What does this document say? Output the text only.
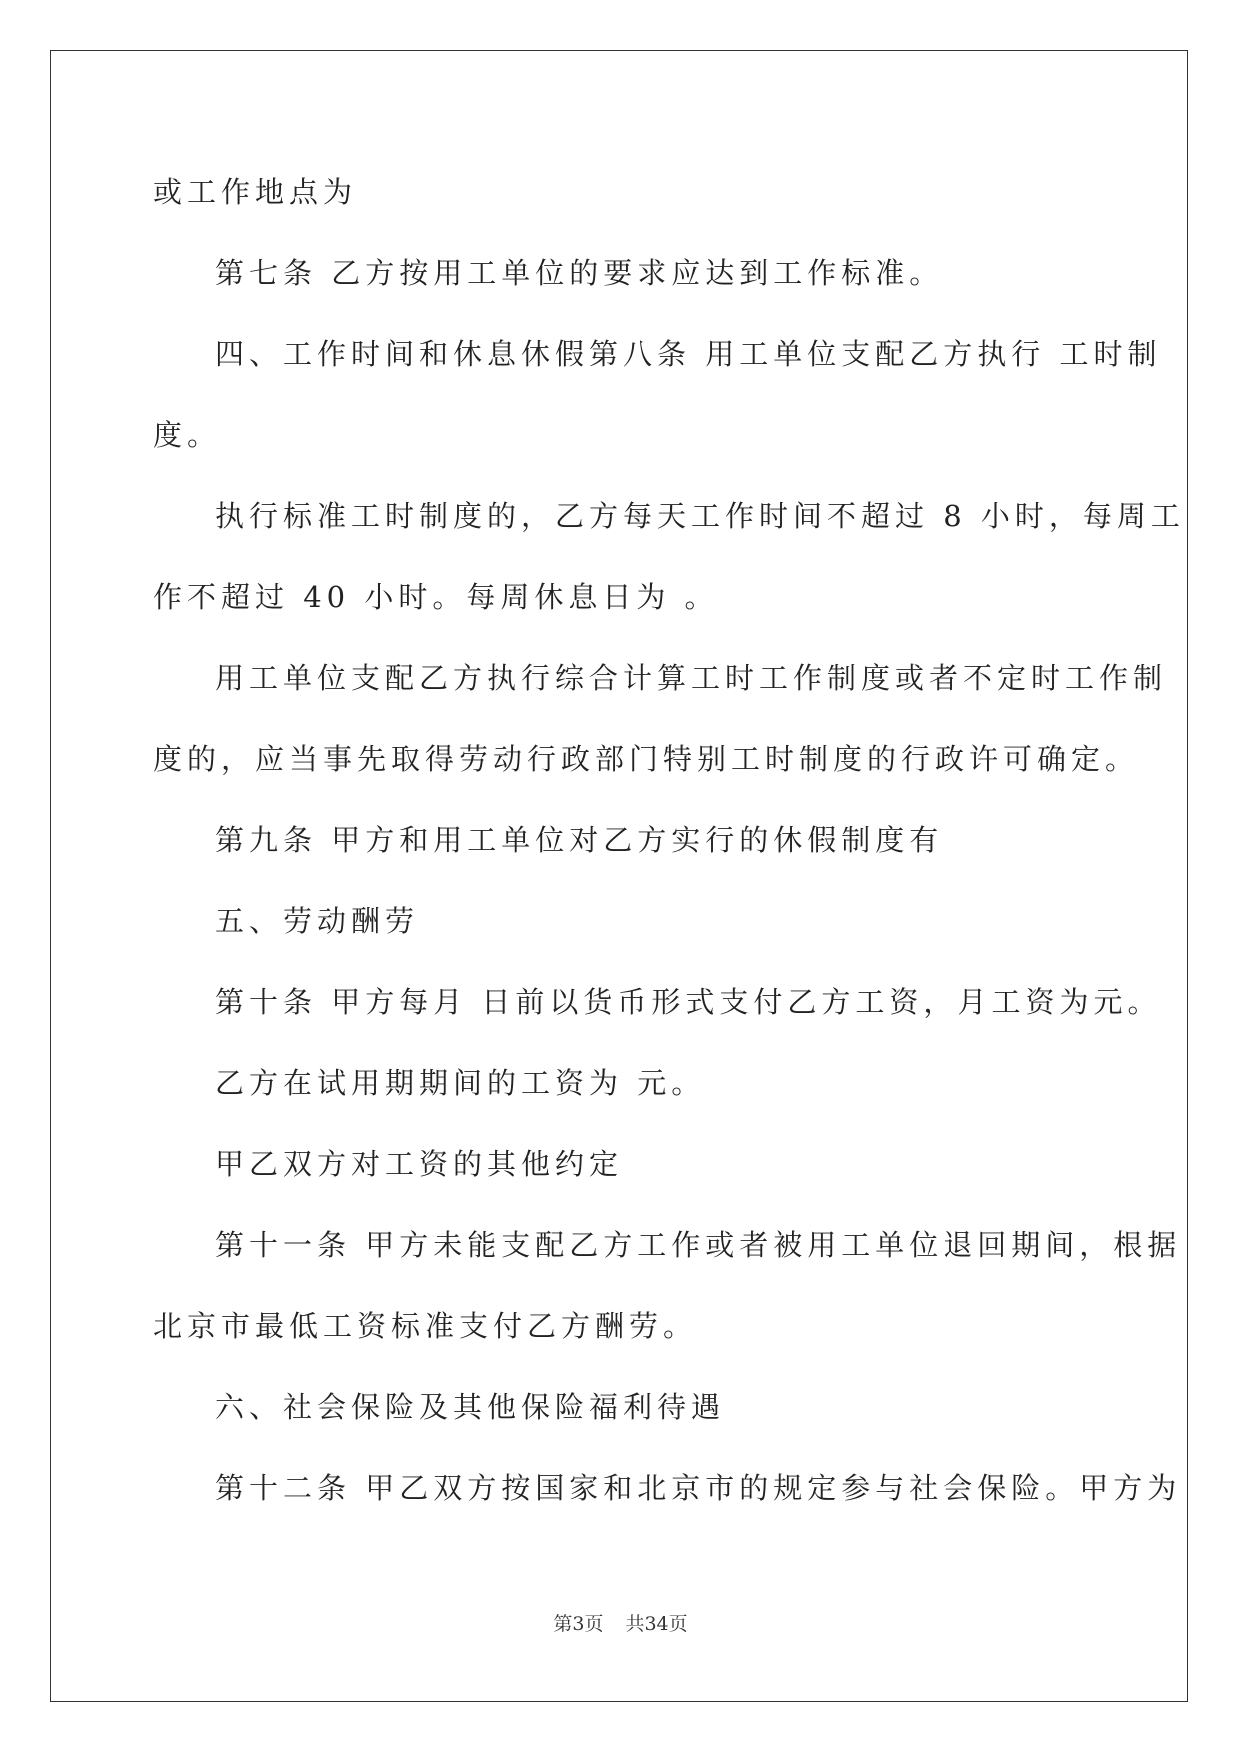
或工作地点为
第七条 乙方按用工单位的要求应达到工作标准。
四、工作时间和休息休假第八条 用工单位支配乙方执行 工时制
度。
执行标准工时制度的，乙方每天工作时间不超过 8 小时，每周工
作不超过 40 小时。每周休息日为 。
用工单位支配乙方执行综合计算工时工作制度或者不定时工作制
度的，应当事先取得劳动行政部门特别工时制度的行政许可确定。
第九条 甲方和用工单位对乙方实行的休假制度有
五、劳动酬劳
第十条 甲方每月 日前以货币形式支付乙方工资，月工资为元。
乙方在试用期期间的工资为 元。
甲乙双方对工资的其他约定
第十一条 甲方未能支配乙方工作或者被用工单位退回期间，根据
北京市最低工资标准支付乙方酬劳。
六、社会保险及其他保险福利待遇
第十二条 甲乙双方按国家和北京市的规定参与社会保险。甲方为
第3页 共34页
